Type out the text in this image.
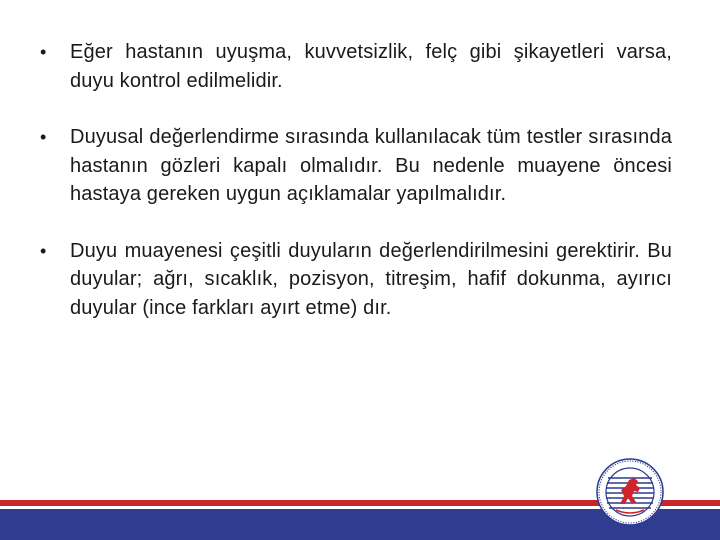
• Eğer hastanın uyuşma, kuvvetsizlik, felç gibi şikayetleri varsa, duyu kontrol edilmelidir.
• Duyusal değerlendirme sırasında kullanılacak tüm testler sırasında hastanın gözleri kapalı olmalıdır. Bu nedenle muayene öncesi hastaya gereken uygun açıklamalar yapılmalıdır.
• Duyu muayenesi çeşitli duyuların değerlendirilmesini gerektirir. Bu duyular; ağrı, sıcaklık, pozisyon, titreşim, hafif dokunma, ayırıcı duyular (ince farkları ayırt etme) dır.
